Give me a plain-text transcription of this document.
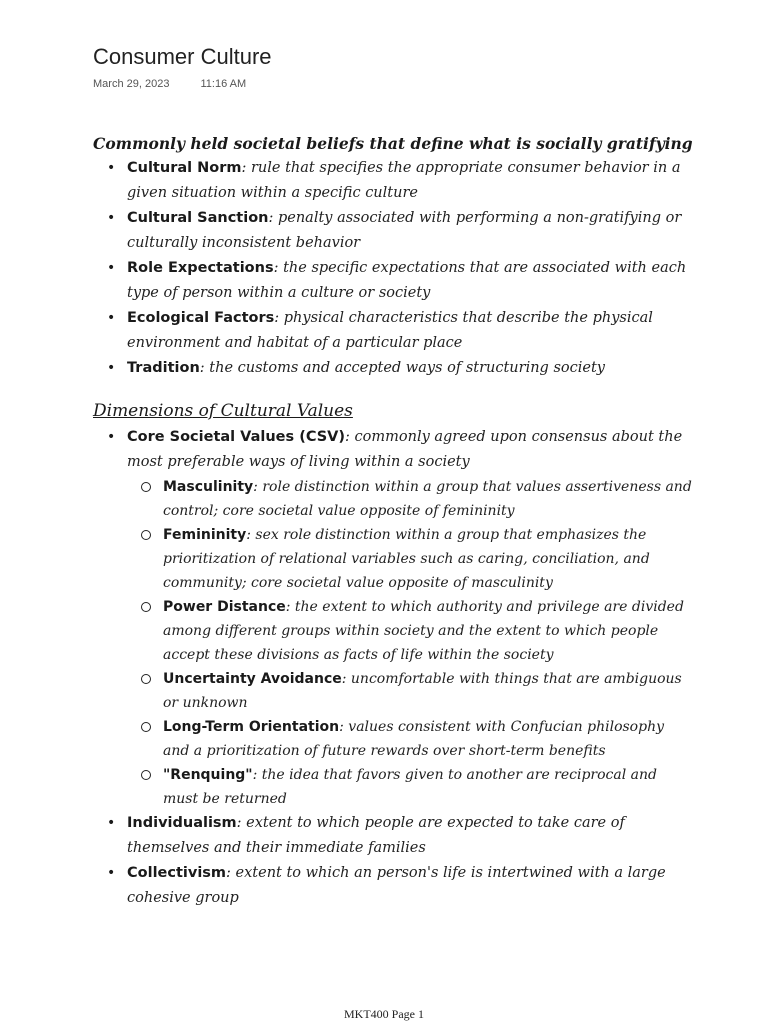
Consumer Culture
March 29, 2023	11:16 AM
Commonly held societal beliefs that define what is socially gratifying
• Cultural Norm: rule that specifies the appropriate consumer behavior in a given situation within a specific culture
• Cultural Sanction: penalty associated with performing a non-gratifying or culturally inconsistent behavior
• Role Expectations: the specific expectations that are associated with each type of person within a culture or society
• Ecological Factors: physical characteristics that describe the physical environment and habitat of a particular place
• Tradition: the customs and accepted ways of structuring society
Dimensions of Cultural Values
• Core Societal Values (CSV): commonly agreed upon consensus about the most preferable ways of living within a society
Masculinity: role distinction within a group that values assertiveness and control; core societal value opposite of femininity
Femininity: sex role distinction within a group that emphasizes the prioritization of relational variables such as caring, conciliation, and community; core societal value opposite of masculinity
Power Distance: the extent to which authority and privilege are divided among different groups within society and the extent to which people accept these divisions as facts of life within the society
Uncertainty Avoidance: uncomfortable with things that are ambiguous or unknown
Long-Term Orientation: values consistent with Confucian philosophy and a prioritization of future rewards over short-term benefits
"Renquing": the idea that favors given to another are reciprocal and must be returned
• Individualism: extent to which people are expected to take care of themselves and their immediate families
• Collectivism: extent to which an person's life is intertwined with a large cohesive group
MKT400 Page 1
